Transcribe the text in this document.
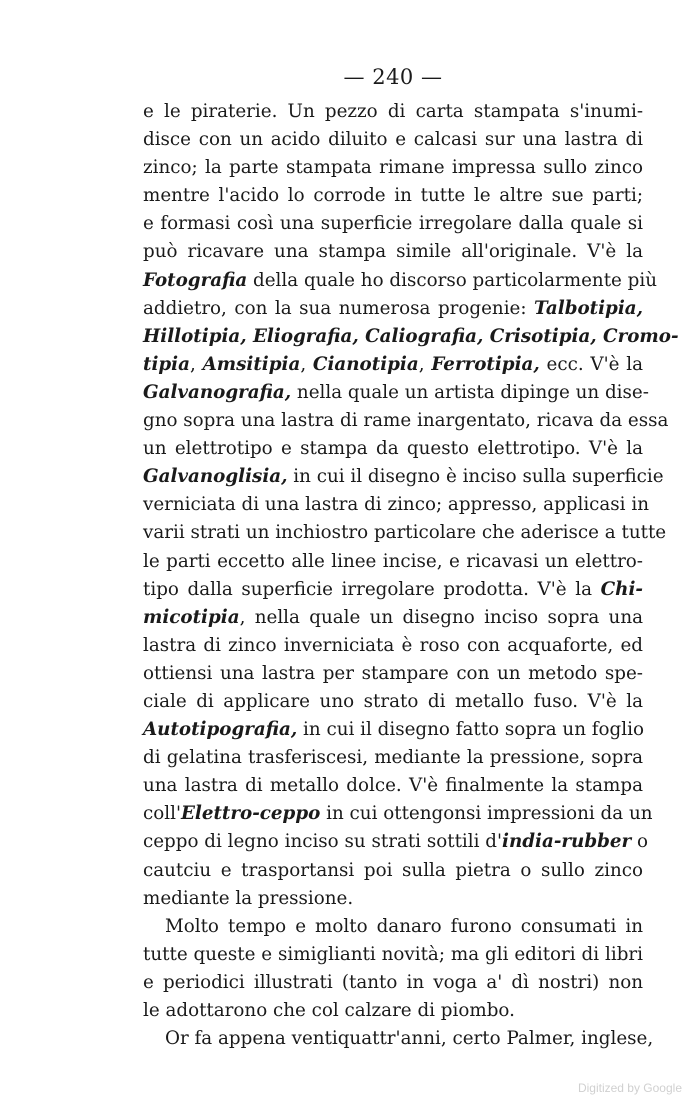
— 240 —
e le piraterie. Un pezzo di carta stampata s'inumi-
disce con un acido diluito e calcasi sur una lastra di
zinco; la parte stampata rimane impressa sullo zinco
mentre l'acido lo corrode in tutte le altre sue parti;
e formasi così una superficie irregolare dalla quale si
può ricavare una stampa simile all'originale. V'è la
Fotografia della quale ho discorso particolarmente più
addietro, con la sua numerosa progenie: Talbotipia,
Hillotipia, Eliografia, Caliografia, Crisotipia, Cromo-
tipia, Amsitipia, Cianotipia, Ferrotipia, ecc. V'è la
Galvanografia, nella quale un artista dipinge un dise-
gno sopra una lastra di rame inargentato, ricava da essa
un elettrotipo e stampa da questo elettrotipo. V'è la
Galvanoglisia, in cui il disegno è inciso sulla superficie
verniciata di una lastra di zinco; appresso, applicasi in
varii strati un inchiostro particolare che aderisce a tutte
le parti eccetto alle linee incise, e ricavasi un elettro-
tipo dalla superficie irregolare prodotta. V'è la Chi-
micotipia, nella quale un disegno inciso sopra una
lastra di zinco inverniciata è roso con acquaforte, ed
ottiensi una lastra per stampare con un metodo spe-
ciale di applicare uno strato di metallo fuso. V'è la
Autotipografia, in cui il disegno fatto sopra un foglio
di gelatina trasferiscesi, mediante la pressione, sopra
una lastra di metallo dolce. V'è finalmente la stampa
coll'Elettro-ceppo in cui ottengonsi impressioni da un
ceppo di legno inciso su strati sottili d'india-rubber o
cautciu e trasportansi poi sulla pietra o sullo zinco
mediante la pressione.
Molto tempo e molto danaro furono consumati in
tutte queste e simiglianti novità; ma gli editori di libri
e periodici illustrati (tanto in voga a' dì nostri) non
le adottarono che col calzare di piombo.
Or fa appena ventiquattr'anni, certo Palmer, inglese,
Digitized by Google
